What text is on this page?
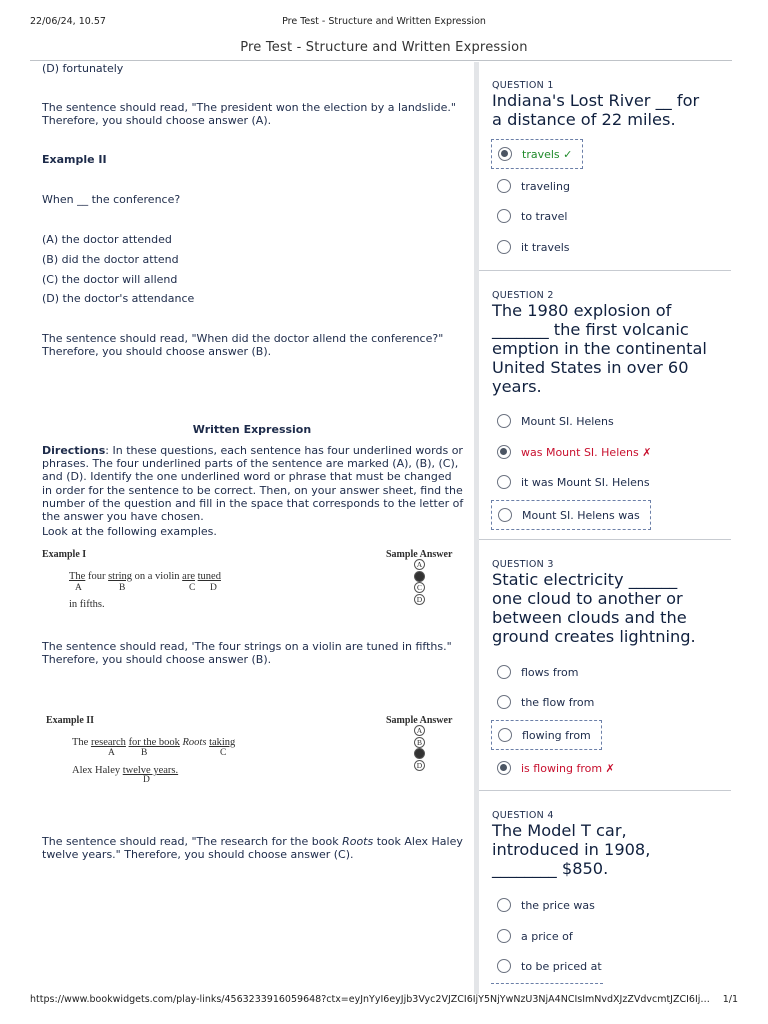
22/06/24, 10.57	Pre Test - Structure and Written Expression
Pre Test - Structure and Written Expression
(D) fortunately
The sentence should read, "The president won the election by a landslide."
Therefore, you should choose answer (A).
Example II
When __ the conference?
(A) the doctor attended
(B) did the doctor attend
(C) the doctor will allend
(D) the doctor's attendance
The sentence should read, "When did the doctor allend the conference?"
Therefore, you should choose answer (B).
Written Expression
Directions: In these questions, each sentence has four underlined words or
phrases. The four underlined parts of the sentence are marked (A), (B), (C),
and (D). Identify the one underlined word or phrase that must be changed
in order for the sentence to be correct. Then, on your answer sheet, find the
number of the question and fill in the space that corresponds to the letter of
the answer you have chosen.
Look at the following examples.
Example I	Sample Answer
The four string on a violin are tuned
A	B	C D
in fifths.
A
B
C
D
The sentence should read, 'The four strings on a violin are tuned in fifths."
Therefore, you should choose answer (B).
Example II	Sample Answer
The research for the book Roots taking
A	B	C
Alex Haley twelve years.
D
A
B
C
D
The sentence should read, "The research for the book Roots took Alex Haley
twelve years." Therefore, you should choose answer (C).
QUESTION 1
Indiana's Lost River __ for
a distance of 22 miles.
travels ✓
traveling
to travel
it travels
QUESTION 2
The 1980 explosion of
_______ the first volcanic
emption in the continental
United States in over 60
years.
Mount SI. Helens
was Mount SI. Helens ✗
it was Mount SI. Helens
Mount SI. Helens was
QUESTION 3
Static electricity ______
one cloud to another or
between clouds and the
ground creates lightning.
flows from
the flow from
flowing from
is flowing from ✗
QUESTION 4
The Model T car,
introduced in 1908,
________ $850.
the price was
a price of
to be priced at
https://www.bookwidgets.com/play-links/4563233916059648?ctx=eyJnYyI6eyJjb3Vyc2VJZCI6IjY5NjYwNzU3NjA4NCIsImNvdXJzZVdvcmtJZCI6Ij… 1/1
